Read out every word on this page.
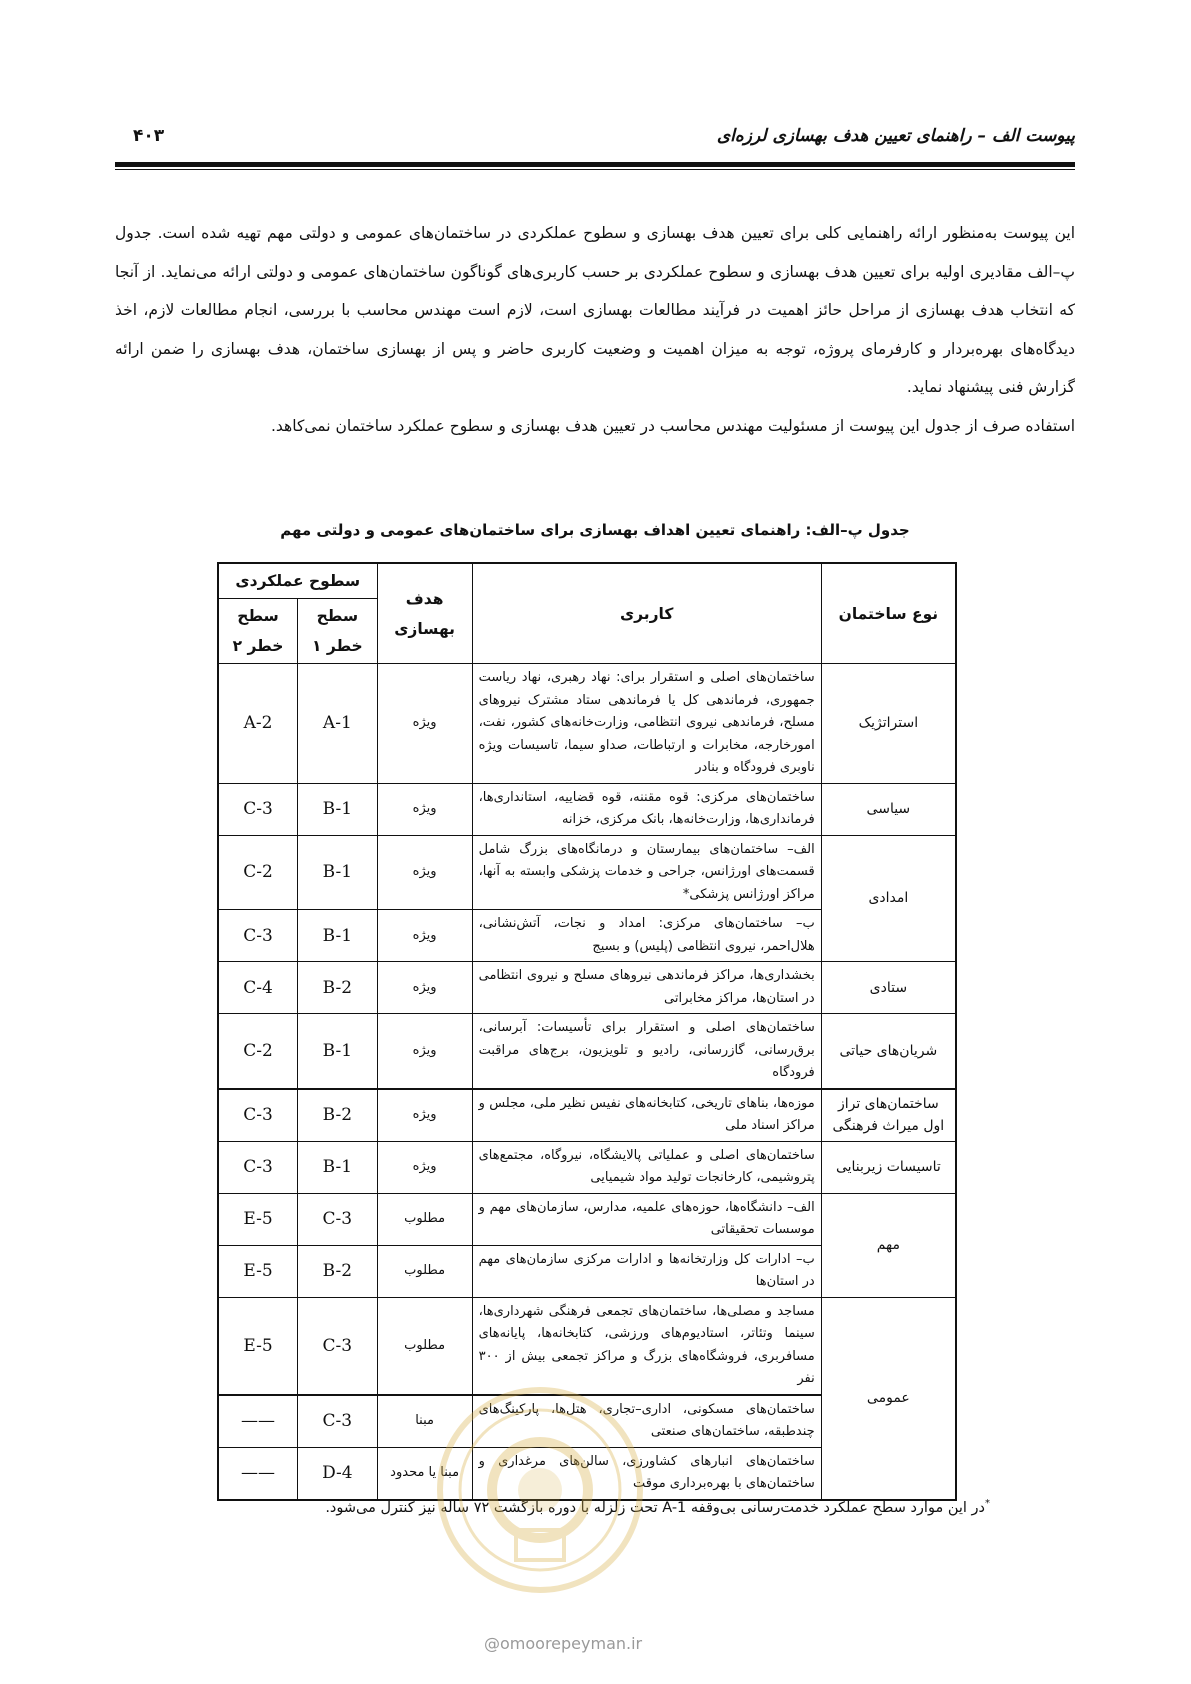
پیوست الف – راهنمای تعیین هدف بهسازی لرزه‌ای
۴۰۳

این پیوست به‌منظور ارائه راهنمایی کلی برای تعیین هدف بهسازی و سطوح عملکردی در ساختمان‌های عمومی و دولتی مهم تهیه شده است. جدول پ–الف مقادیری اولیه برای تعیین هدف بهسازی و سطوح عملکردی بر حسب کاربری‌های گوناگون ساختمان‌های عمومی و دولتی ارائه می‌نماید. از آنجا که انتخاب هدف بهسازی از مراحل حائز اهمیت در فرآیند مطالعات بهسازی است، لازم است مهندس محاسب با بررسی، انجام مطالعات لازم، اخذ دیدگاه‌های بهره‌بردار و کارفرمای پروژه، توجه به میزان اهمیت و وضعیت کاربری حاضر و پس از بهسازی ساختمان، هدف بهسازی را ضمن ارائه گزارش فنی پیشنهاد نماید.

استفاده صرف از جدول این پیوست از مسئولیت مهندس محاسب در تعیین هدف بهسازی و سطوح عملکرد ساختمان نمی‌کاهد.

جدول پ–الف: راهنمای تعیین اهداف بهسازی برای ساختمان‌های عمومی و دولتی مهم
نوع ساختمان	کاربری	هدف بهسازی	سطوح عملکردی	
			سطح خطر ۱	سطح خطر ۲
استراتژیک	ساختمان‌های اصلی و استقرار برای: نهاد رهبری، نهاد ریاست جمهوری، فرماندهی کل یا فرماندهی ستاد مشترک نیروهای مسلح، فرماندهی نیروی انتظامی، وزارت‌خانه‌های کشور، نفت، امورخارجه، مخابرات و ارتباطات، صداو سیما، تاسیسات ویژه ناوبری فرودگاه و بنادر	ویژه	A-1	A-2
سیاسی	ساختمان‌های مرکزی: قوه مقننه، قوه قضاییه، استانداری‌ها، فرمانداری‌ها، وزارت‌خانه‌ها، بانک مرکزی، خزانه	ویژه	B-1	C-3
امدادی	الف– ساختمان‌های بیمارستان و درمانگاه‌های بزرگ شامل قسمت‌های اورژانس، جراحی و خدمات پزشکی وابسته به آنها، مراکز اورژانس پزشکی*	ویژه	B-1	C-2
	ب– ساختمان‌های مرکزی: امداد و نجات، آتش‌نشانی، هلال‌احمر، نیروی انتظامی (پلیس) و بسیج	ویژه	B-1	C-3
ستادی	بخشداری‌ها، مراکز فرماندهی نیروهای مسلح و نیروی انتظامی در استان‌ها، مراکز مخابراتی	ویژه	B-2	C-4
شریان‌های حیاتی	ساختمان‌های اصلی و استقرار برای تأسیسات: آبرسانی، برق‌رسانی، گازرسانی، رادیو و تلویزیون، برج‌های مراقبت فرودگاه	ویژه	B-1	C-2
ساختمان‌های تراز اول میراث فرهنگی	موزه‌ها، بناهای تاریخی، کتابخانه‌های نفیس نظیر ملی، مجلس و مراکز اسناد ملی	ویژه	B-2	C-3
تاسیسات زیربنایی	ساختمان‌های اصلی و عملیاتی پالایشگاه، نیروگاه، مجتمع‌های پتروشیمی، کارخانجات تولید مواد شیمیایی	ویژه	B-1	C-3
مهم	الف– دانشگاه‌ها، حوزه‌های علمیه، مدارس، سازمان‌های مهم و موسسات تحقیقاتی	مطلوب	C-3	E-5
	ب– ادارات کل وزارتخانه‌ها و ادارات مرکزی سازمان‌های مهم در استان‌ها	مطلوب	B-2	E-5
عمومی	مساجد و مصلی‌ها، ساختمان‌های تجمعی فرهنگی شهرداری‌ها، سینما وتئاتر، استادیوم‌های ورزشی، کتابخانه‌ها، پایانه‌های مسافربری، فروشگاه‌های بزرگ و مراکز تجمعی بیش از ۳۰۰ نفر	مطلوب	C-3	E-5
	ساختمان‌های مسکونی، اداری–تجاری، هتل‌ها، پارکینگ‌های چندطبقه، ساختمان‌های صنعتی	مبنا	C-3	——
	ساختمان‌های انبارهای کشاورزی، سالن‌های مرغداری و ساختمان‌های با بهره‌برداری موقت	مبنا یا محدود	D-4	——
*در این موارد سطح عملکرد خدمت‌رسانی بی‌وقفه A-1 تحت زلزله با دوره بازگشت ۷۲ ساله نیز کنترل می‌شود.
@omoorepeyman.ir
